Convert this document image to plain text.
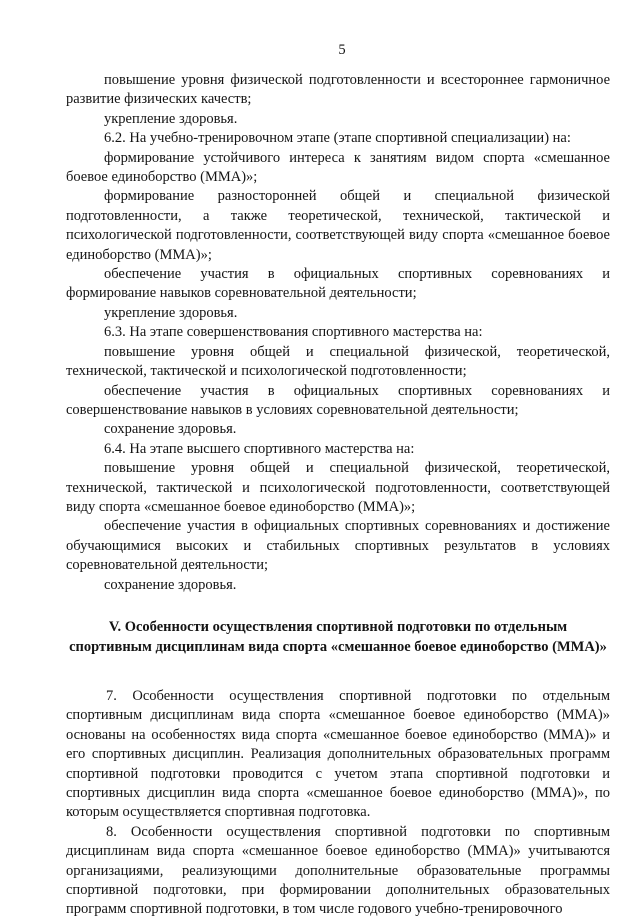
5

повышение уровня физической подготовленности и всестороннее гармоничное развитие физических качеств;

укрепление здоровья.

6.2. На учебно-тренировочном этапе (этапе спортивной специализации) на:

формирование устойчивого интереса к занятиям видом спорта «смешанное боевое единоборство (ММА)»;

формирование разносторонней общей и специальной физической подготовленности, а также теоретической, технической, тактической и психологической подготовленности, соответствующей виду спорта «смешанное боевое единоборство (ММА)»;

обеспечение участия в официальных спортивных соревнованиях и формирование навыков соревновательной деятельности;

укрепление здоровья.

6.3. На этапе совершенствования спортивного мастерства на:

повышение уровня общей и специальной физической, теоретической, технической, тактической и психологической подготовленности;

обеспечение участия в официальных спортивных соревнованиях и совершенствование навыков в условиях соревновательной деятельности;

сохранение здоровья.

6.4. На этапе высшего спортивного мастерства на:

повышение уровня общей и специальной физической, теоретической, технической, тактической и психологической подготовленности, соответствующей виду спорта «смешанное боевое единоборство (ММА)»;

обеспечение участия в официальных спортивных соревнованиях и достижение обучающимися высоких и стабильных спортивных результатов в условиях соревновательной деятельности;

сохранение здоровья.

V. Особенности осуществления спортивной подготовки по отдельным спортивным дисциплинам вида спорта «смешанное боевое единоборство (ММА)»

7. Особенности осуществления спортивной подготовки по отдельным спортивным дисциплинам вида спорта «смешанное боевое единоборство (ММА)» основаны на особенностях вида спорта «смешанное боевое единоборство (ММА)» и его спортивных дисциплин. Реализация дополнительных образовательных программ спортивной подготовки проводится с учетом этапа спортивной подготовки и спортивных дисциплин вида спорта «смешанное боевое единоборство (ММА)», по которым осуществляется спортивная подготовка.

8. Особенности осуществления спортивной подготовки по спортивным дисциплинам вида спорта «смешанное боевое единоборство (ММА)» учитываются организациями, реализующими дополнительные образовательные программы спортивной подготовки, при формировании дополнительных образовательных программ спортивной подготовки, в том числе годового учебно-тренировочного
